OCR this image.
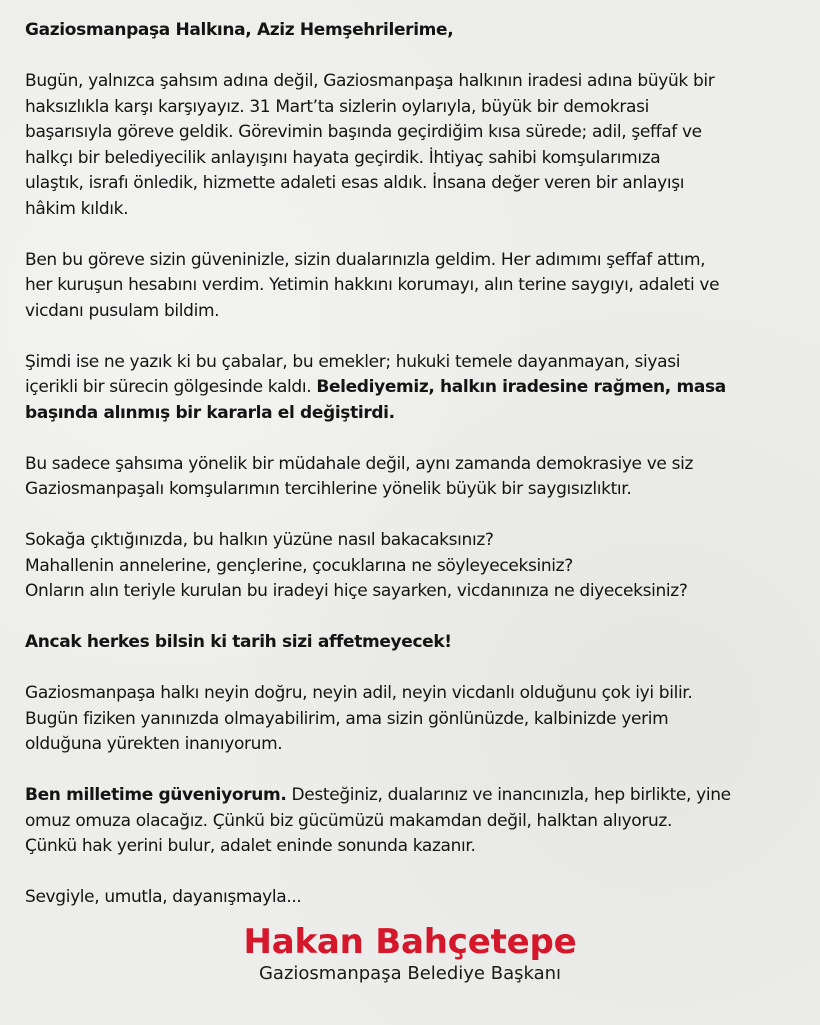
Gaziosmanpaşa Halkına, Aziz Hemşehrilerime,

Bugün, yalnızca şahsım adına değil, Gaziosmanpaşa halkının iradesi adına büyük bir

haksızlıkla karşı karşıyayız. 31 Mart’ta sizlerin oylarıyla, büyük bir demokrasi

başarısıyla göreve geldik. Görevimin başında geçirdiğim kısa sürede; adil, şeffaf ve

halkçı bir belediyecilik anlayışını hayata geçirdik. İhtiyaç sahibi komşularımıza

ulaştık, israfı önledik, hizmette adaleti esas aldık. İnsana değer veren bir anlayışı

hâkim kıldık.

Ben bu göreve sizin güveninizle, sizin dualarınızla geldim. Her adımımı şeffaf attım,

her kuruşun hesabını verdim. Yetimin hakkını korumayı, alın terine saygıyı, adaleti ve

vicdanı pusulam bildim.

Şimdi ise ne yazık ki bu çabalar, bu emekler; hukuki temele dayanmayan, siyasi

içerikli bir sürecin gölgesinde kaldı. Belediyemiz, halkın iradesine rağmen, masa

başında alınmış bir kararla el değiştirdi.

Bu sadece şahsıma yönelik bir müdahale değil, aynı zamanda demokrasiye ve siz

Gaziosmanpaşalı komşularımın tercihlerine yönelik büyük bir saygısızlıktır.

Sokağa çıktığınızda, bu halkın yüzüne nasıl bakacaksınız?

Mahallenin annelerine, gençlerine, çocuklarına ne söyleyeceksiniz?

Onların alın teriyle kurulan bu iradeyi hiçe sayarken, vicdanınıza ne diyeceksiniz?

Ancak herkes bilsin ki tarih sizi affetmeyecek!

Gaziosmanpaşa halkı neyin doğru, neyin adil, neyin vicdanlı olduğunu çok iyi bilir.

Bugün fiziken yanınızda olmayabilirim, ama sizin gönlünüzde, kalbinizde yerim

olduğuna yürekten inanıyorum.

Ben milletime güveniyorum. Desteğiniz, dualarınız ve inancınızla, hep birlikte, yine

omuz omuza olacağız. Çünkü biz gücümüzü makamdan değil, halktan alıyoruz.

Çünkü hak yerini bulur, adalet eninde sonunda kazanır.

Sevgiyle, umutla, dayanışmayla...

Hakan Bahçetepe

Gaziosmanpaşa Belediye Başkanı
